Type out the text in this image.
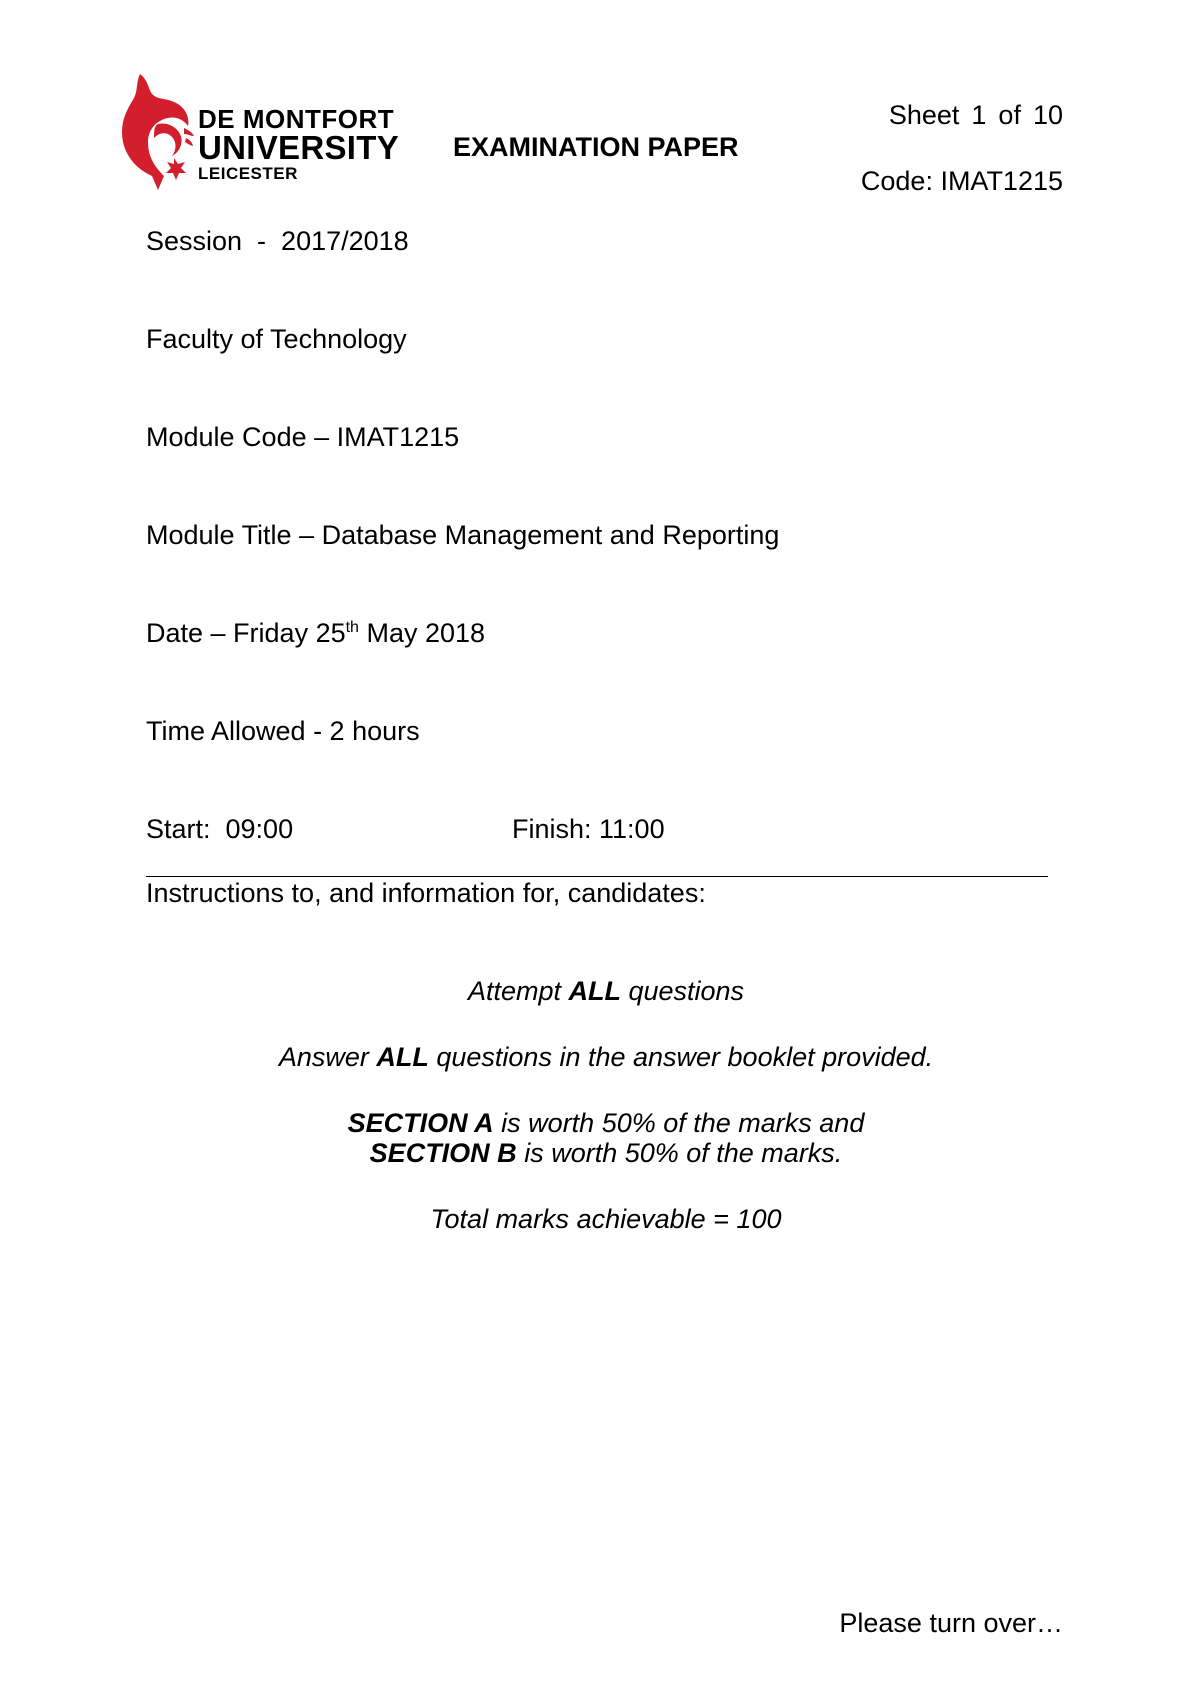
DE MONTFORT
UNIVERSITY
LEICESTER
EXAMINATION PAPER
Sheet 1 of 10
Code: IMAT1215
Session  -  2017/2018
Faculty of Technology
Module Code – IMAT1215
Module Title – Database Management and Reporting
Date – Friday 25th May 2018
Time Allowed - 2 hours
Start:  09:00	Finish: 11:00
Instructions to, and information for, candidates:
Attempt ALL questions
Answer ALL questions in the answer booklet provided.
SECTION A is worth 50% of the marks and
SECTION B is worth 50% of the marks.
Total marks achievable = 100
Please turn over…
